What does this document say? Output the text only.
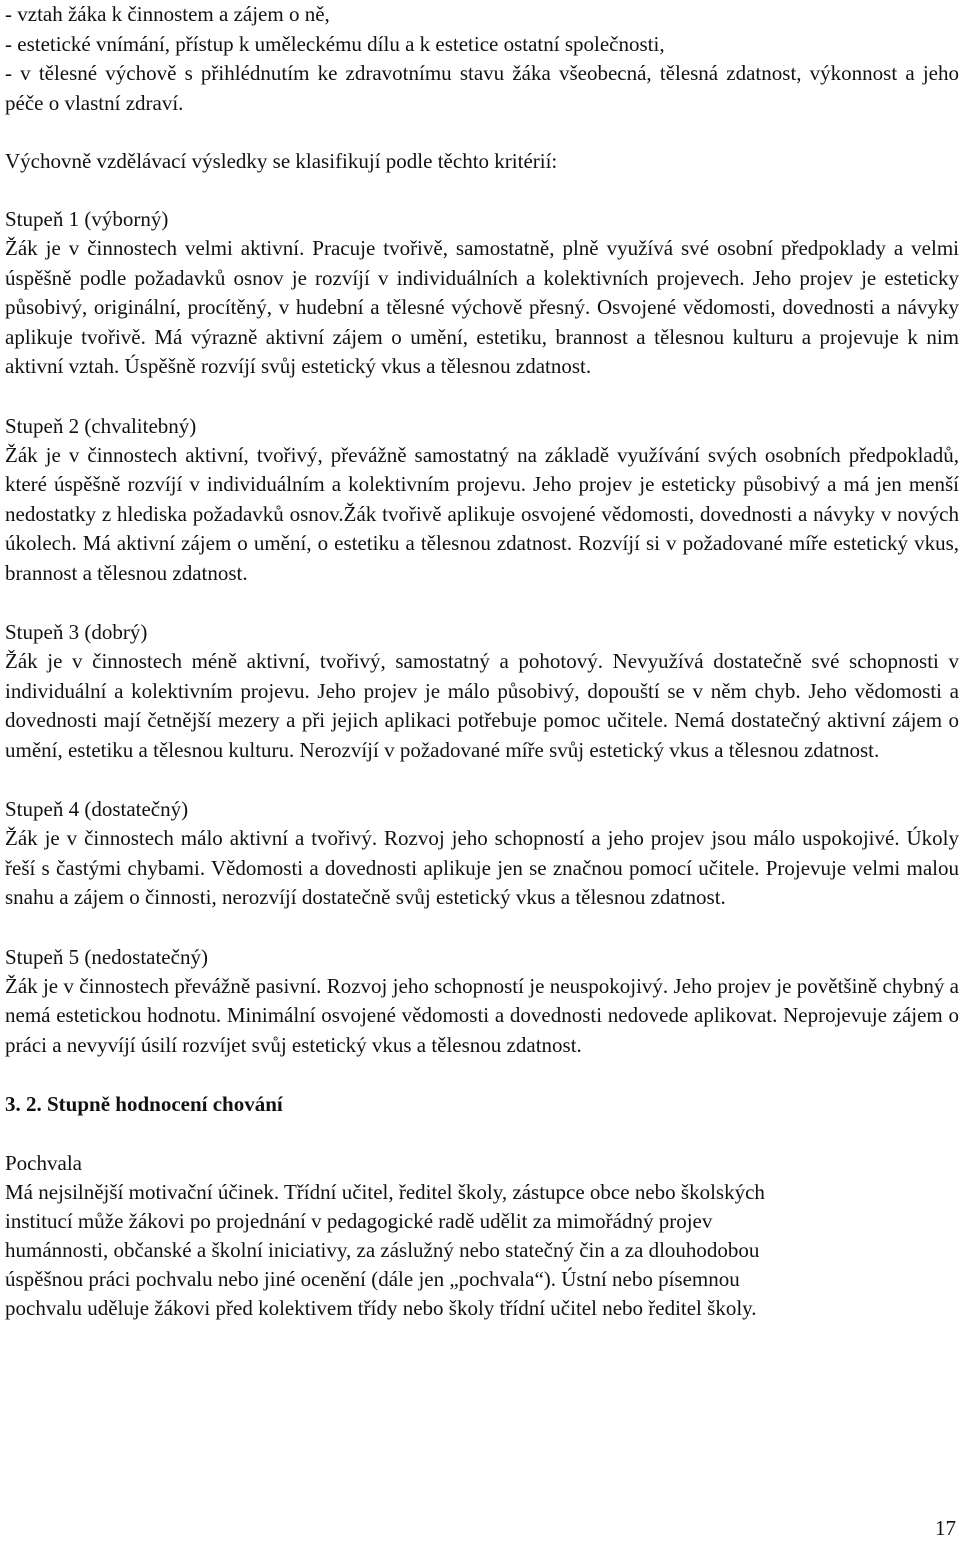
- vztah žáka k činnostem a zájem o ně,
- estetické vnímání, přístup k uměleckému dílu a k estetice ostatní společnosti,
- v tělesné výchově s přihlédnutím ke zdravotnímu stavu žáka všeobecná, tělesná zdatnost, výkonnost a jeho péče o vlastní zdraví.

Výchovně vzdělávací výsledky se klasifikují podle těchto kritérií:

Stupeň 1 (výborný)

Žák je v činnostech velmi aktivní. Pracuje tvořivě, samostatně, plně využívá své osobní předpoklady a velmi úspěšně podle požadavků osnov je rozvíjí v individuálních a kolektivních projevech. Jeho projev je esteticky působivý, originální, procítěný, v hudební a tělesné výchově přesný. Osvojené vědomosti, dovednosti a návyky aplikuje tvořivě. Má výrazně aktivní zájem o umění, estetiku, brannost a tělesnou kulturu a projevuje k nim aktivní vztah. Úspěšně rozvíjí svůj estetický vkus a tělesnou zdatnost.

Stupeň 2 (chvalitebný)

Žák je v činnostech aktivní, tvořivý, převážně samostatný na základě využívání svých osobních předpokladů, které úspěšně rozvíjí v individuálním a kolektivním projevu. Jeho projev je esteticky působivý a má jen menší nedostatky z hlediska požadavků osnov.Žák tvořivě aplikuje osvojené vědomosti, dovednosti a návyky v nových úkolech. Má aktivní zájem o umění, o estetiku a tělesnou zdatnost. Rozvíjí si v požadované míře estetický vkus, brannost a tělesnou zdatnost.

Stupeň 3 (dobrý)

Žák je v činnostech méně aktivní, tvořivý, samostatný a pohotový. Nevyužívá dostatečně své schopnosti v individuální a kolektivním projevu. Jeho projev je málo působivý, dopouští se v něm chyb. Jeho vědomosti a dovednosti mají četnější mezery a při jejich aplikaci potřebuje pomoc učitele. Nemá dostatečný aktivní zájem o umění, estetiku a tělesnou kulturu. Nerozvíjí v požadované míře svůj estetický vkus a tělesnou zdatnost.

Stupeň 4 (dostatečný)

Žák je v činnostech málo aktivní a tvořivý. Rozvoj jeho schopností a jeho projev jsou málo uspokojivé. Úkoly řeší s častými chybami. Vědomosti a dovednosti aplikuje jen se značnou pomocí učitele. Projevuje velmi malou snahu a zájem o činnosti, nerozvíjí dostatečně svůj estetický vkus a tělesnou zdatnost.

Stupeň 5 (nedostatečný)

Žák je v činnostech převážně pasivní. Rozvoj jeho schopností je neuspokojivý. Jeho projev je povětšině chybný a nemá estetickou hodnotu. Minimální osvojené vědomosti a dovednosti nedovede aplikovat. Neprojevuje zájem o práci a nevyvíjí úsilí rozvíjet svůj estetický vkus a tělesnou zdatnost.

3. 2. Stupně hodnocení chování

Pochvala

Má nejsilnější motivační účinek. Třídní učitel, ředitel školy, zástupce obce nebo školských

institucí může žákovi po projednání v pedagogické radě udělit za mimořádný projev

humánnosti, občanské a školní iniciativy, za záslužný nebo statečný čin a za dlouhodobou

úspěšnou práci pochvalu nebo jiné ocenění (dále jen „pochvala“). Ústní nebo písemnou

pochvalu uděluje žákovi před kolektivem třídy nebo školy třídní učitel nebo ředitel školy.

17
